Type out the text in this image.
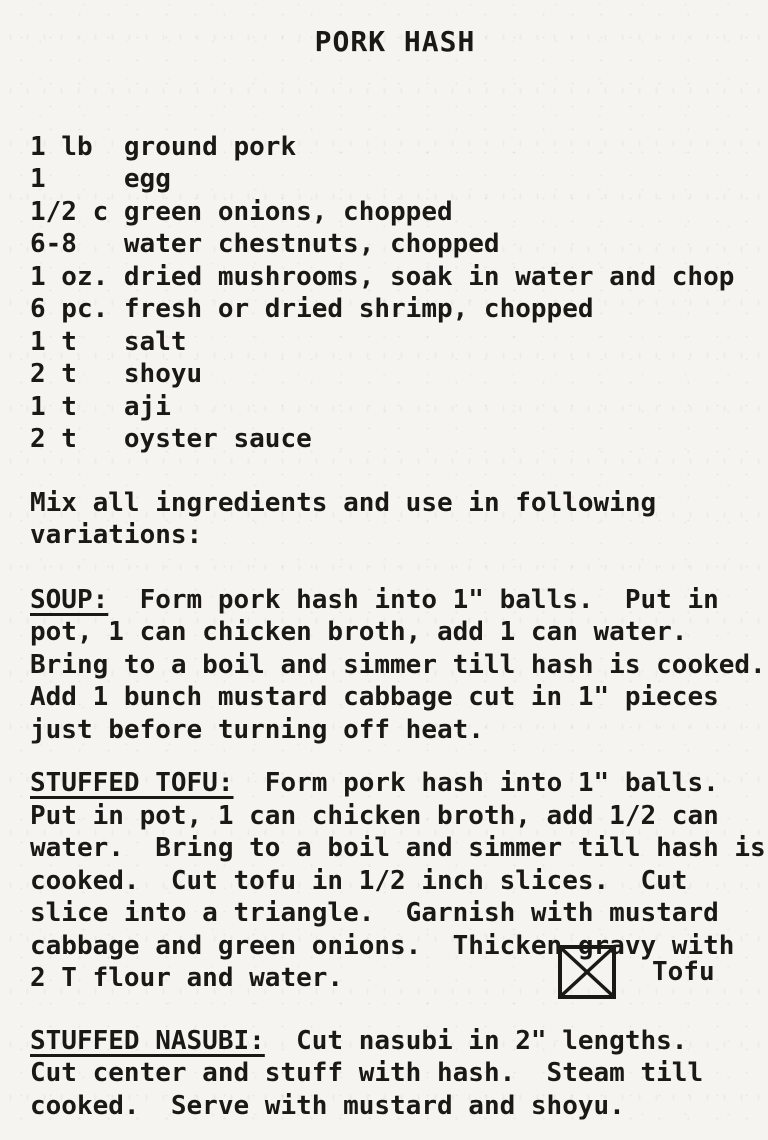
PORK HASH
1 lb	ground pork
1	egg
1/2 c green onions, chopped
6-8	water chestnuts, chopped
1 oz. dried mushrooms, soak in water and chop
6 pc. fresh or dried shrimp, chopped
1 t	salt
2 t	shoyu
1 t	aji
2 t	oyster sauce
Mix all ingredients and use in following
variations:
SOUP:  Form pork hash into 1" balls.  Put in
pot, 1 can chicken broth, add 1 can water.
Bring to a boil and simmer till hash is cooked.
Add 1 bunch mustard cabbage cut in 1" pieces
just before turning off heat.
STUFFED TOFU:  Form pork hash into 1" balls.
Put in pot, 1 can chicken broth, add 1/2 can
water.  Bring to a boil and simmer till hash is
cooked.  Cut tofu in 1/2 inch slices.  Cut
slice into a triangle.  Garnish with mustard
cabbage and green onions.  Thicken gravy with
2 T flour and water.	Tofu
STUFFED NASUBI:  Cut nasubi in 2" lengths.
Cut center and stuff with hash.  Steam till
cooked.  Serve with mustard and shoyu.
